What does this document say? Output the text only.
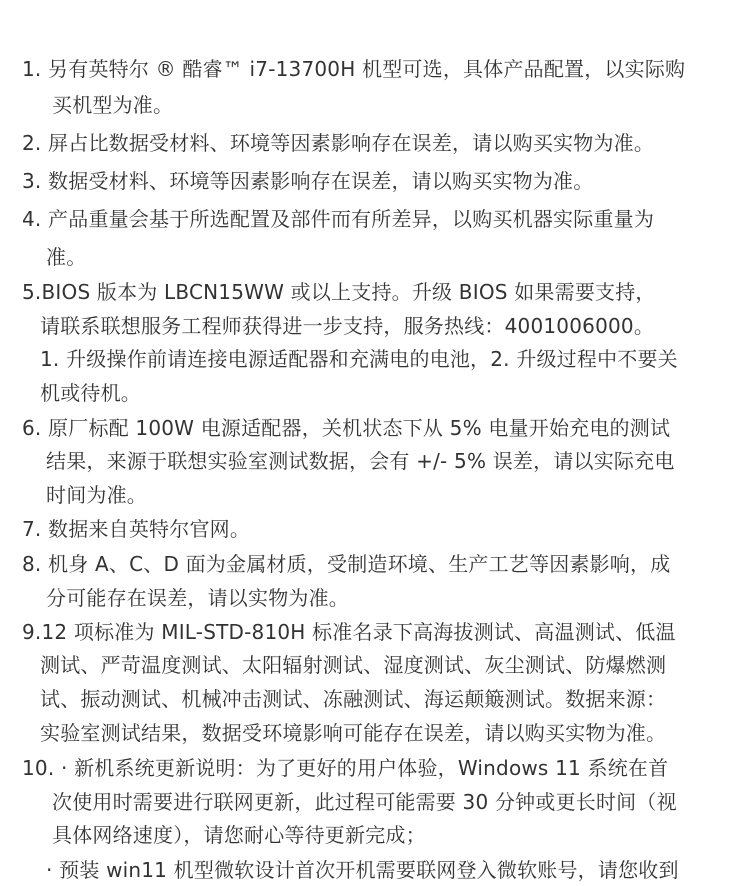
1. 另有英特尔 ® 酷睿™ i7-13700H 机型可选，具体产品配置，以实际购
买机型为准。
2. 屏占比数据受材料、环境等因素影响存在误差，请以购买实物为准。
3. 数据受材料、环境等因素影响存在误差，请以购买实物为准。
4. 产品重量会基于所选配置及部件而有所差异，以购买机器实际重量为
准。
5.BIOS 版本为 LBCN15WW 或以上支持。升级 BIOS 如果需要支持，
请联系联想服务工程师获得进一步支持，服务热线：4001006000。
1. 升级操作前请连接电源适配器和充满电的电池，2. 升级过程中不要关
机或待机。
6. 原厂标配 100W 电源适配器，关机状态下从 5% 电量开始充电的测试
结果，来源于联想实验室测试数据，会有 +/- 5% 误差，请以实际充电
时间为准。
7. 数据来自英特尔官网。
8. 机身 A、C、D 面为金属材质，受制造环境、生产工艺等因素影响，成
分可能存在误差，请以实物为准。
9.12 项标准为 MIL-STD-810H 标准名录下高海拔测试、高温测试、低温
测试、严苛温度测试、太阳辐射测试、湿度测试、灰尘测试、防爆燃测
试、振动测试、机械冲击测试、冻融测试、海运颠簸测试。数据来源：
实验室测试结果，数据受环境影响可能存在误差，请以购买实物为准。
10. · 新机系统更新说明：为了更好的用户体验，Windows 11 系统在首
次使用时需要进行联网更新，此过程可能需要 30 分钟或更长时间（视
具体网络速度），请您耐心等待更新完成；
· 预装 win11 机型微软设计首次开机需要联网登入微软账号，请您收到
